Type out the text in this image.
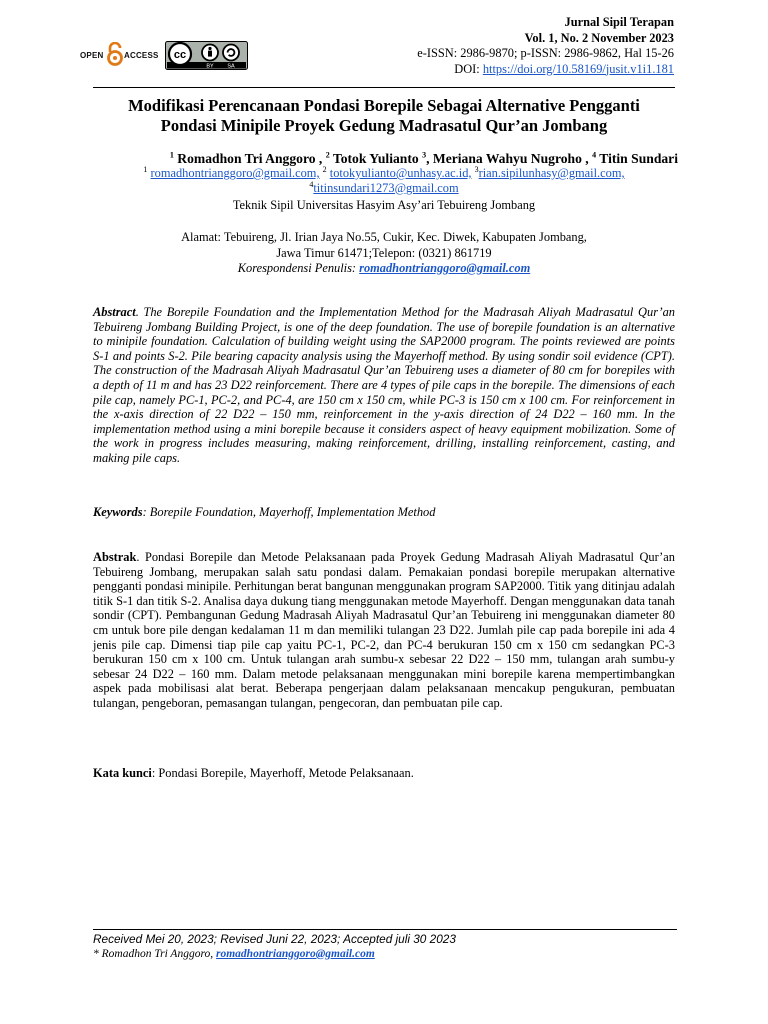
OPEN	ACCESS cc
BY SA
Jurnal Sipil Terapan
Vol. 1, No. 2 November 2023
e-ISSN: 2986-9870; p-ISSN: 2986-9862, Hal 15-26
DOI: https://doi.org/10.58169/jusit.v1i1.181
Modifikasi Perencanaan Pondasi Borepile Sebagai Alternative Pengganti
Pondasi Minipile Proyek Gedung Madrasatul Qur’an Jombang
$^1$ Romadhon Tri Anggoro , $^2$ Totok Yulianto $^3$, Meriana Wahyu Nugroho , $^4$ Titin Sundari
$^1$ romadhontrianggoro@gmail.com, $^2$ totokyulianto@unhasy.ac.id, $^3$rian.sipilunhasy@gmail.com,
$^4$titinsundari1273@gmail.com
Teknik Sipil Universitas Hasyim Asy’ari Tebuireng Jombang
Alamat: Tebuireng, Jl. Irian Jaya No.55, Cukir, Kec. Diwek, Kabupaten Jombang,
Jawa Timur 61471;Telepon: (0321) 861719
Korespondensi Penulis: romadhontrianggoro@gmail.com
Abstract. The Borepile Foundation and the Implementation Method for the Madrasah Aliyah Madrasatul Qur’an Tebuireng Jombang Building Project, is one of the deep foundation. The use of borepile foundation is an alternative to minipile foundation. Calculation of building weight using the SAP2000 program. The points reviewed are points S-1 and points S-2. Pile bearing capacity analysis using the Mayerhoff method. By using sondir soil evidence (CPT). The construction of the Madrasah Aliyah Madrasatul Qur’an Tebuireng uses a diameter of 80 cm for borepiles with a depth of 11 m and has 23 D22 reinforcement. There are 4 types of pile caps in the borepile. The dimensions of each pile cap, namely PC-1, PC-2, and PC-4, are 150 cm x 150 cm, while PC-3 is 150 cm x 100 cm. For reinforcement in the x-axis direction of 22 D22 – 150 mm, reinforcement in the y-axis direction of 24 D22 – 160 mm. In the implementation method using a mini borepile because it considers aspect of heavy equipment mobilization. Some of the work in progress includes measuring, making reinforcement, drilling, installing reinforcement, casting, and making pile caps.
Keywords: Borepile Foundation, Mayerhoff, Implementation Method
Abstrak. Pondasi Borepile dan Metode Pelaksanaan pada Proyek Gedung Madrasah Aliyah Madrasatul Qur’an Tebuireng Jombang, merupakan salah satu pondasi dalam. Pemakaian pondasi borepile merupakan alternative pengganti pondasi minipile. Perhitungan berat bangunan menggunakan program SAP2000. Titik yang ditinjau adalah titik S-1 dan titik S-2. Analisa daya dukung tiang menggunakan metode Mayerhoff. Dengan menggunakan data tanah sondir (CPT). Pembangunan Gedung Madrasah Aliyah Madrasatul Qur’an Tebuireng ini menggunakan diameter 80 cm untuk bore pile dengan kedalaman 11 m dan memiliki tulangan 23 D22. Jumlah pile cap pada borepile ini ada 4 jenis pile cap. Dimensi tiap pile cap yaitu PC-1, PC-2, dan PC-4 berukuran 150 cm x 150 cm sedangkan PC-3 berukuran 150 cm x 100 cm. Untuk tulangan arah sumbu-x sebesar 22 D22 – 150 mm, tulangan arah sumbu-y sebesar 24 D22 – 160 mm. Dalam metode pelaksanaan menggunakan mini borepile karena mempertimbangkan aspek pada mobilisasi alat berat. Beberapa pengerjaan dalam pelaksanaan mencakup pengukuran, pembuatan tulangan, pengeboran, pemasangan tulangan, pengecoran, dan pembuatan pile cap.
Kata kunci: Pondasi Borepile, Mayerhoff, Metode Pelaksanaan.
Received Mei 20, 2023; Revised Juni 22, 2023; Accepted juli 30 2023
* Romadhon Tri Anggoro, romadhontrianggoro@gmail.com
